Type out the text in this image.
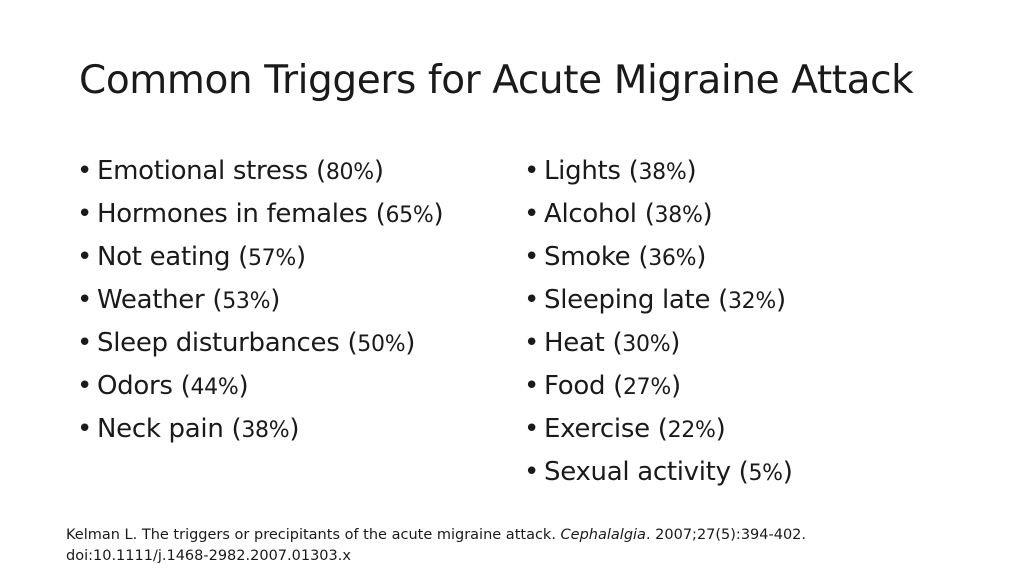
Common Triggers for Acute Migraine Attack
• Emotional stress (80%)
• Hormones in females (65%)
• Not eating (57%)
• Weather (53%)
• Sleep disturbances (50%)
• Odors (44%)
• Neck pain (38%)
• Lights (38%)
• Alcohol (38%)
• Smoke (36%)
• Sleeping late (32%)
• Heat (30%)
• Food (27%)
• Exercise (22%)
• Sexual activity (5%)
Kelman L. The triggers or precipitants of the acute migraine attack. Cephalalgia. 2007;27(5):394-402.
doi:10.1111/j.1468-2982.2007.01303.x
